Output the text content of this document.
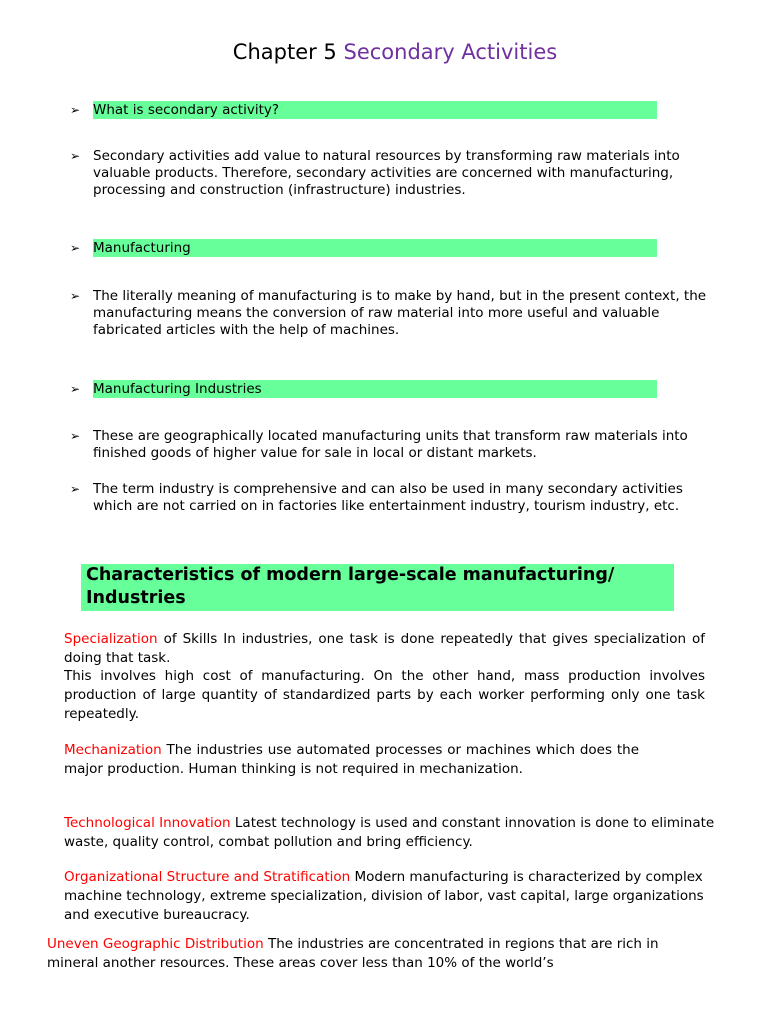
Chapter 5 Secondary Activities
➢ What is secondary activity?
➢ Secondary activities add value to natural resources by transforming raw materials into valuable products. Therefore, secondary activities are concerned with manufacturing, processing and construction (infrastructure) industries.
➢ Manufacturing
➢ The literally meaning of manufacturing is to make by hand, but in the present context, the manufacturing means the conversion of raw material into more useful and valuable fabricated articles with the help of machines.
➢ Manufacturing Industries
➢ These are geographically located manufacturing units that transform raw materials into finished goods of higher value for sale in local or distant markets.
➢ The term industry is comprehensive and can also be used in many secondary activities which are not carried on in factories like entertainment industry, tourism industry, etc.
Characteristics of modern large-scale manufacturing/ Industries
Specialization of Skills In industries, one task is done repeatedly that gives specialization of doing that task.
This involves high cost of manufacturing. On the other hand, mass production involves production of large quantity of standardized parts by each worker performing only one task repeatedly.
Mechanization The industries use automated processes or machines which does the major production. Human thinking is not required in mechanization.
Technological Innovation Latest technology is used and constant innovation is done to eliminate waste, quality control, combat pollution and bring efficiency.
Organizational Structure and Stratification Modern manufacturing is characterized by complex machine technology, extreme specialization, division of labor, vast capital, large organizations and executive bureaucracy.
Uneven Geographic Distribution The industries are concentrated in regions that are rich in    mineral another resources. These areas cover less than 10% of the world’s
